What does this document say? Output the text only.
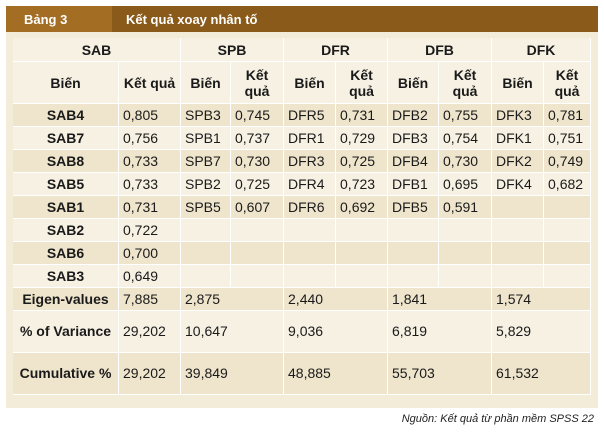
Bảng 3	Kết quả xoay nhân tố
SAB		SPB		DFR		DFB		DFK	
Biến	Kết quả	Biến	Kết quả	Biến	Kết quả	Biến	Kết quả	Biến	Kết quả
SAB4	0,805	SPB3	0,745	DFR5	0,731	DFB2	0,755	DFK3	0,781
SAB7	0,756	SPB1	0,737	DFR1	0,729	DFB3	0,754	DFK1	0,751
SAB8	0,733	SPB7	0,730	DFR3	0,725	DFB4	0,730	DFK2	0,749
SAB5	0,733	SPB2	0,725	DFR4	0,723	DFB1	0,695	DFK4	0,682
SAB1	0,731	SPB5	0,607	DFR6	0,692	DFB5	0,591		
SAB2	0,722								
SAB6	0,700								
SAB3	0,649								
Eigen-values	7,885	2,875		2,440		1,841		1,574	
% of Variance	29,202	10,647		9,036		6,819		5,829	
Cumulative %	29,202	39,849		48,885		55,703		61,532	
Nguồn: Kết quả từ phần mềm SPSS 22
